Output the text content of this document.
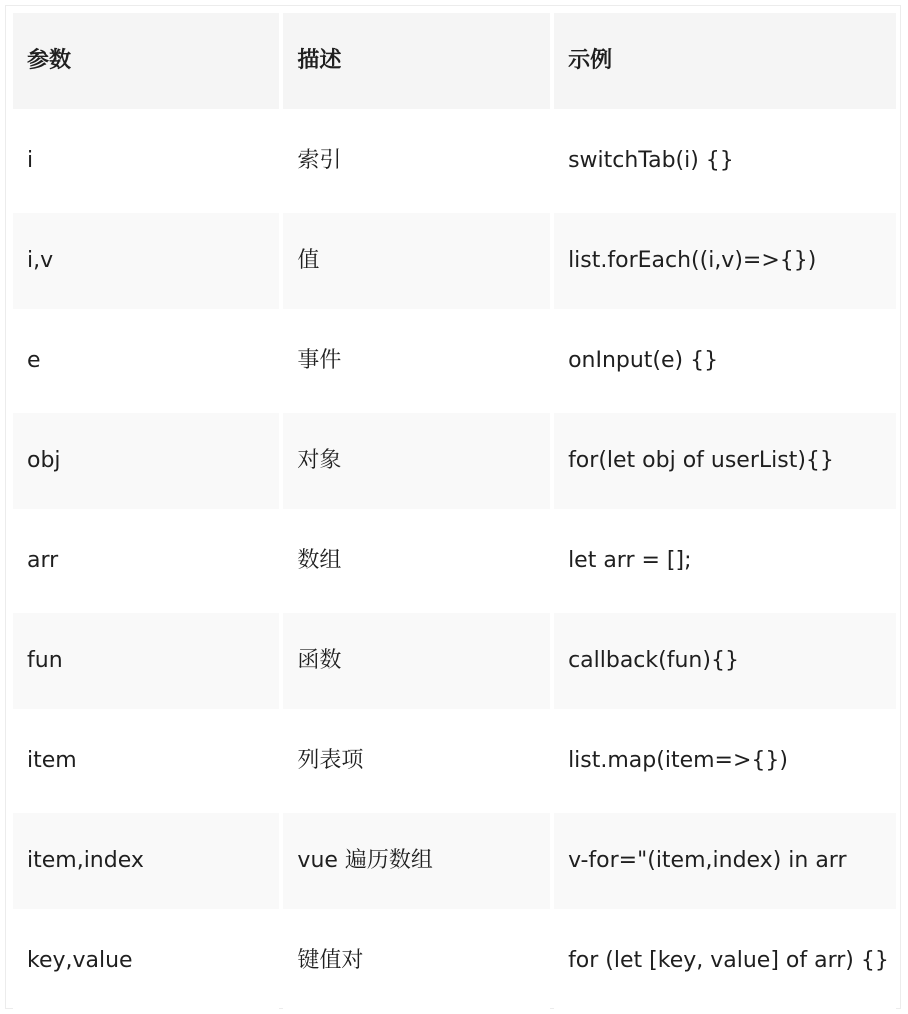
参数	描述	示例
i	索引	switchTab(i) {}
i,v	值	list.forEach((i,v)=>{})
e	事件	onInput(e) {}
obj	对象	for(let obj of userList){}
arr	数组	let arr = [];
fun	函数	callback(fun){}
item	列表项	list.map(item=>{})
item,index	vue 遍历数组	v-for="(item,index) in arr
key,value	键值对	for (let [key, value] of arr) {}
